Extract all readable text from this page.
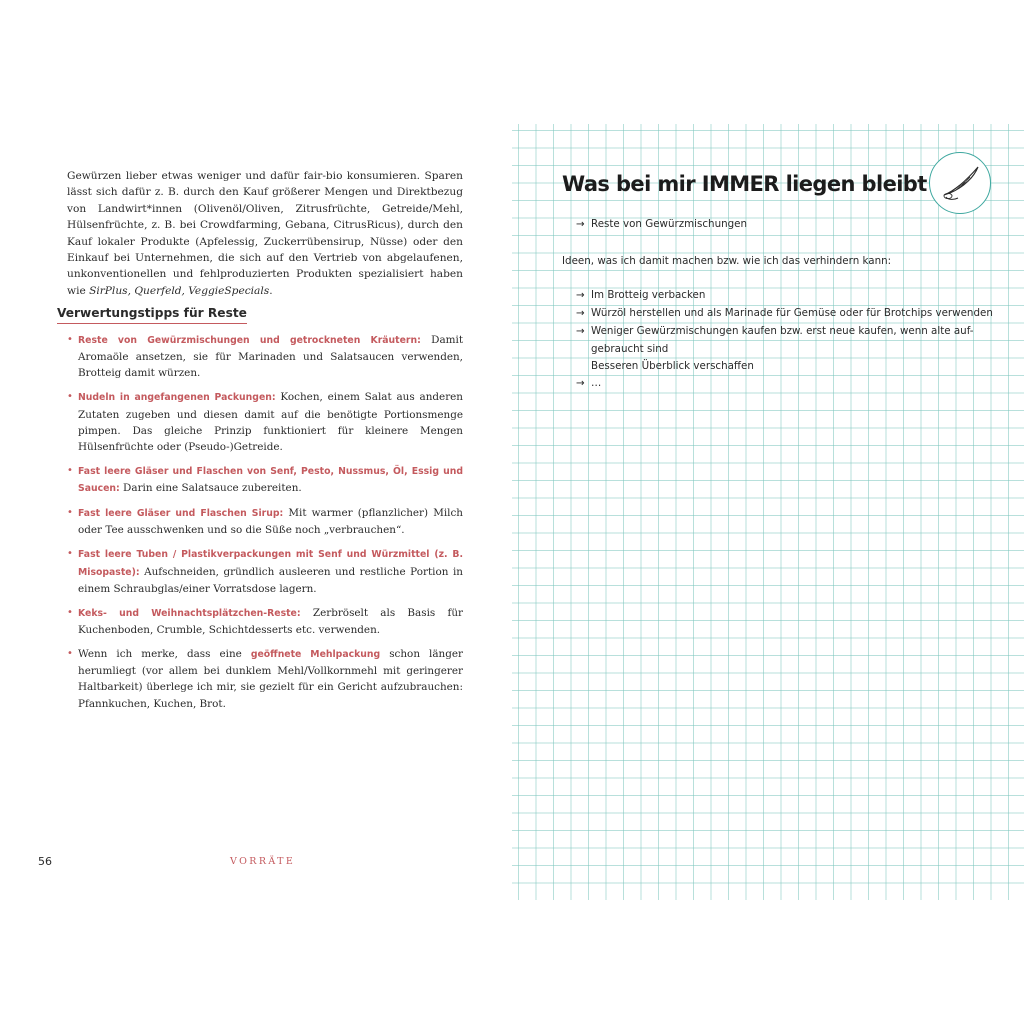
Gewürzen lieber etwas weniger und dafür fair-bio konsumieren. Sparen lässt sich dafür z. B. durch den Kauf größerer Mengen und Direktbezug von Landwirt*innen (Olivenöl/Oliven, Zitrusfrüchte, Getreide/Mehl, Hülsenfrüchte, z. B. bei Crowdfarming, Gebana, CitrusRicus), durch den Kauf lokaler Produkte (Apfelessig, Zuckerrübensirup, Nüsse) oder den Einkauf bei Unternehmen, die sich auf den Vertrieb von abgelaufenen, unkonventionellen und fehlproduzierten Produkten spezialisiert haben wie SirPlus, Querfeld, VeggieSpecials.

Verwertungstipps für Reste
• Reste von Gewürzmischungen und getrockneten Kräutern: Damit Aromaöle ansetzen, sie für Marinaden und Salatsaucen verwenden, Brotteig damit würzen.
• Nudeln in angefangenen Packungen: Kochen, einem Salat aus anderen Zutaten zugeben und diesen damit auf die benötigte Portionsmenge pimpen. Das gleiche Prinzip funktioniert für kleinere Mengen Hülsenfrüchte oder (Pseudo-)Getreide.
• Fast leere Gläser und Flaschen von Senf, Pesto, Nussmus, Öl, Essig und Saucen: Darin eine Salatsauce zubereiten.
• Fast leere Gläser und Flaschen Sirup: Mit warmer (pflanzlicher) Milch oder Tee ausschwenken und so die Süße noch „verbrauchen“.
• Fast leere Tuben / Plastikverpackungen mit Senf und Würzmittel (z. B. Misopaste): Aufschneiden, gründlich ausleeren und restliche Portion in einem Schraubglas/einer Vorratsdose lagern.
• Keks- und Weihnachtsplätzchen-Reste: Zerbröselt als Basis für Kuchenboden, Crumble, Schichtdesserts etc. verwenden.
• Wenn ich merke, dass eine geöffnete Mehlpackung schon länger herumliegt (vor allem bei dunklem Mehl/Vollkornmehl mit geringerer Haltbarkeit) überlege ich mir, sie gezielt für ein Gericht aufzubrauchen: Pfannkuchen, Kuchen, Brot.
56	VORRÄTE
Was bei mir IMMER liegen bleibt
→ Reste von Gewürzmischungen
Ideen, was ich damit machen bzw. wie ich das verhindern kann:
→ Im Brotteig verbacken
→ Würzöl herstellen und als Marinade für Gemüse oder für Brotchips verwenden
→ Weniger Gewürzmischungen kaufen bzw. erst neue kaufen, wenn alte auf-
gebraucht sind
Besseren Überblick verschaffen
→ …
